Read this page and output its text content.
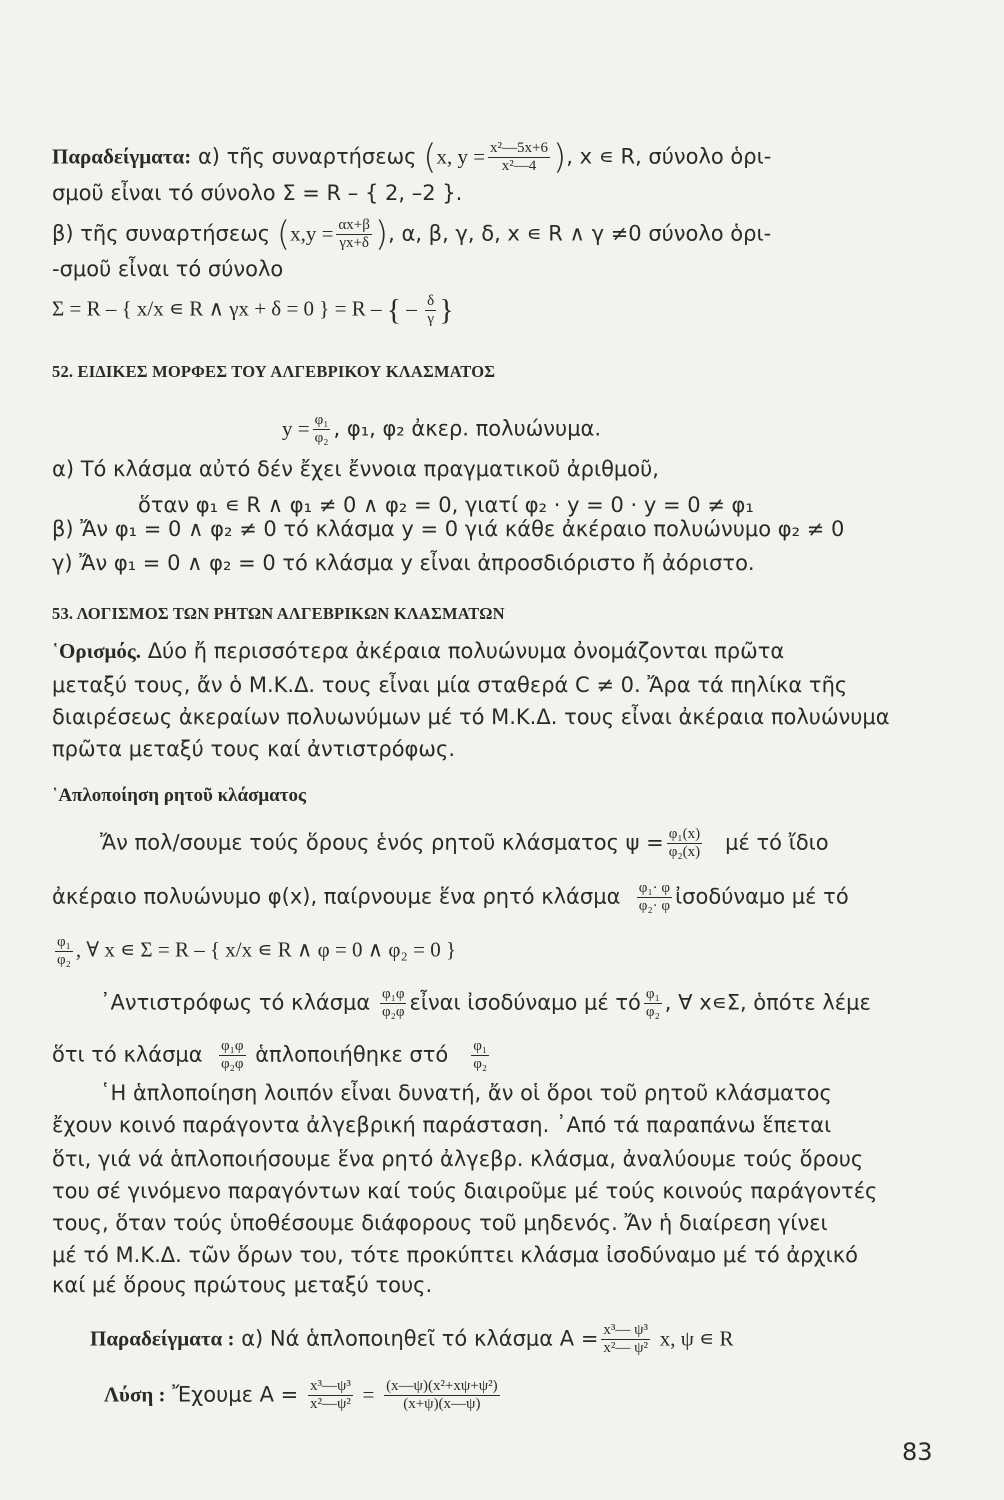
Παραδείγματα: α) τῆς συναρτήσεως (x, $y = \frac{\text{x²—5x+6}}{\text{x²—4}}$ ), x ∊ R, σύνολο ὁρι-
σμοῦ εἶναι τό σύνολο Σ = R – { 2, –2 }.
β) τῆς συναρτήσεως ($x,y = \frac{\alpha x+\beta}{\gamma x+\delta}$ ), α, β, γ, δ, x ∊ R ∧ γ ≠0 σύνολο ὁρι-
-σμοῦ εἶναι τό σύνολο
Σ = R – { x/x ∊ R ∧ γx + δ = 0 } = R – { – $\frac{\delta}{\gamma}$ }
52. ΕΙΔΙΚΕΣ ΜΟΡΦΕΣ ΤΟΥ ΑΛΓΕΒΡΙΚΟΥ ΚΛΑΣΜΑΤΟΣ
$y = \frac{\text{φ₁}}{\text{φ₂}}$ , φ₁, φ₂ ἀκερ. πολυώνυμα.
α) Τό κλάσμα αὐτό δέν ἔχει ἔννοια πραγματικοῦ ἀριθμοῦ,
ὅταν φ₁ ∊ R ∧ φ₁ ≠ 0 ∧ φ₂ = 0, γιατί φ₂ · y = 0 · y = 0 ≠ φ₁
β) Ἄν φ₁ = 0 ∧ φ₂ ≠ 0 τό κλάσμα y = 0 γιά κάθε ἀκέραιο πολυώνυμο φ₂ ≠ 0
γ) Ἄν φ₁ = 0 ∧ φ₂ = 0 τό κλάσμα y εἶναι ἀπροσδιόριστο ἤ ἀόριστο.
53. ΛΟΓΙΣΜΟΣ ΤΩΝ ΡΗΤΩΝ ΑΛΓΕΒΡΙΚΩΝ ΚΛΑΣΜΑΤΩΝ
῾Ορισμός. Δύο ἤ περισσότερα ἀκέραια πολυώνυμα ὀνομάζονται πρῶτα
μεταξύ τους, ἄν ὁ Μ.Κ.Δ. τους εἶναι μία σταθερά C ≠ 0. Ἄρα τά πηλίκα τῆς
διαιρέσεως ἀκεραίων πολυωνύμων μέ τό Μ.Κ.Δ. τους εἶναι ἀκέραια πολυώνυμα
πρῶτα μεταξύ τους καί ἀντιστρόφως.
῾Απλοποίηση ρητοῦ κλάσματος
Ἄν πολ/σουμε τούς ὅρους ἑνός ρητοῦ κλάσματος $\psi = \frac{\text{φ₁(x)}}{\text{φ₂(x)}}$ μέ τό ἴδιο
ἀκέραιο πολυώνυμο φ(x), παίρνουμε ἕνα ρητό κλάσμα $\frac{\text{φ₁· φ}}{\text{φ₂· φ}}$ ἰσοδύναμο μέ τό
$\frac{\text{φ₁}}{\text{φ₂}}$ , ∀ x ∊ Σ = R – { x/x ∊ R ∧ φ = 0 ∧ φ₂ = 0 }
᾿Αντιστρόφως τό κλάσμα $\frac{\text{φ₁φ}}{\text{φ₂φ}}$ εἶναι ἰσοδύναμο μέ τό $\frac{\text{φ₁}}{\text{φ₂}}$ , ∀ x∊Σ, ὁπότε λέμε
ὅτι τό κλάσμα $\frac{\text{φ₁φ}}{\text{φ₂φ}}$ ἁπλοποιήθηκε στό $\frac{\text{φ₁}}{\text{φ₂}}$
῾Η ἁπλοποίηση λοιπόν εἶναι δυνατή, ἄν οἱ ὅροι τοῦ ρητοῦ κλάσματος
ἔχουν κοινό παράγοντα ἀλγεβρική παράσταση. ᾿Από τά παραπάνω ἕπεται
ὅτι, γιά νά ἁπλοποιήσουμε ἕνα ρητό ἀλγεβρ. κλάσμα, ἀναλύουμε τούς ὅρους
του σέ γινόμενο παραγόντων καί τούς διαιροῦμε μέ τούς κοινούς παράγοντές
τους, ὅταν τούς ὑποθέσουμε διάφορους τοῦ μηδενός. Ἄν ἡ διαίρεση γίνει
μέ τό Μ.Κ.Δ. τῶν ὅρων του, τότε προκύπτει κλάσμα ἰσοδύναμο μέ τό ἀρχικό
καί μέ ὅρους πρώτους μεταξύ τους.
Παραδείγματα : α) Νά ἁπλοποιηθεῖ τό κλάσμα $A = \frac{\text{x³— ψ³}}{\text{x²— ψ²}} x$, ψ ∊ R
Λύση : Ἔχουμε $A = \frac{\text{x³—ψ³}}{\text{x²—ψ²}} = \frac{\text{(x—ψ)(x²+xψ+ψ²)}}{(x+\psi)(x—\psi)}$
83
